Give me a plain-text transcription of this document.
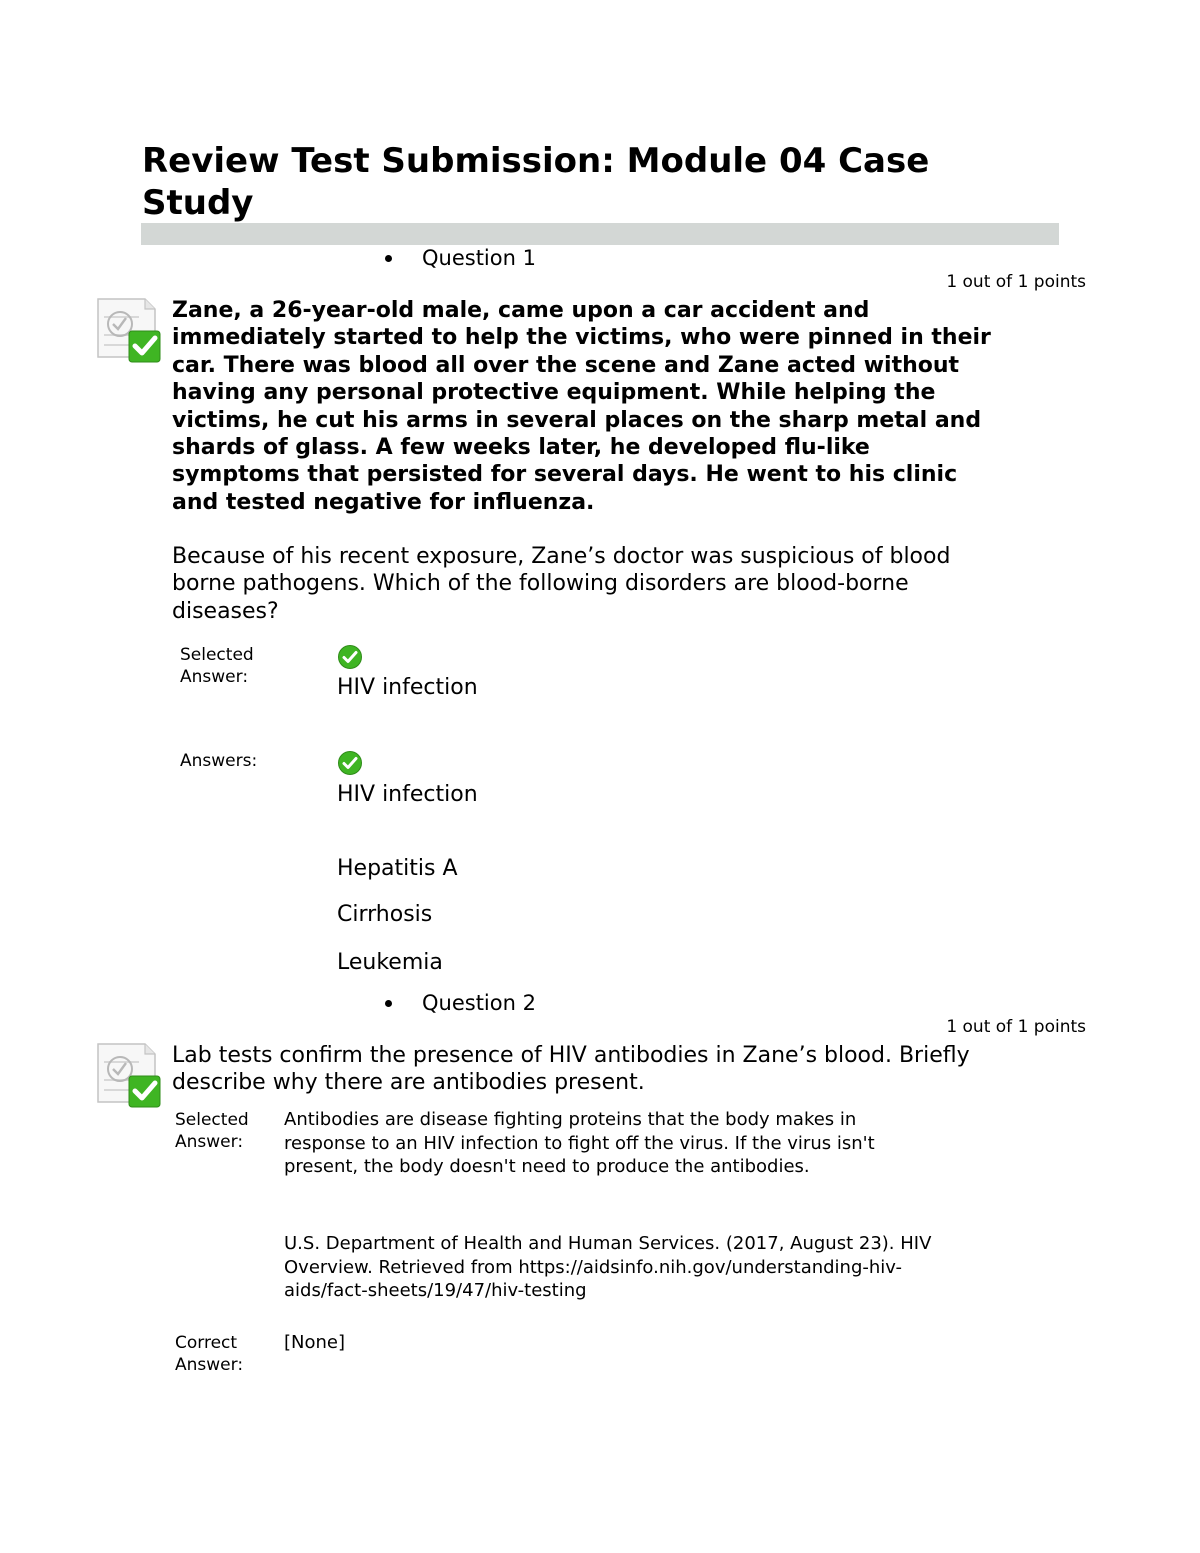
Review Test Submission: Module 04 Case Study
Question 1
1 out of 1 points

Zane, a 26-year-old male, came upon a car accident and immediately started to help the victims, who were pinned in their car. There was blood all over the scene and Zane acted without having any personal protective equipment. While helping the victims, he cut his arms in several places on the sharp metal and shards of glass. A few weeks later, he developed flu-like symptoms that persisted for several days. He went to his clinic and tested negative for influenza.

Because of his recent exposure, Zane’s doctor was suspicious of blood borne pathogens. Which of the following disorders are blood-borne diseases?

Selected Answer:	HIV infection
Answers:
HIV infection
Hepatitis A
Cirrhosis
Leukemia
Question 2
1 out of 1 points

Lab tests confirm the presence of HIV antibodies in Zane’s blood. Briefly describe why there are antibodies present.

Selected Answer:

Antibodies are disease fighting proteins that the body makes in response to an HIV infection to fight off the virus. If the virus isn't present, the body doesn't need to produce the antibodies.

U.S. Department of Health and Human Services. (2017, August 23). HIV Overview. Retrieved from https://aidsinfo.nih.gov/understanding-hiv-aids/fact-sheets/19/47/hiv-testing

Correct Answer:
[None]
